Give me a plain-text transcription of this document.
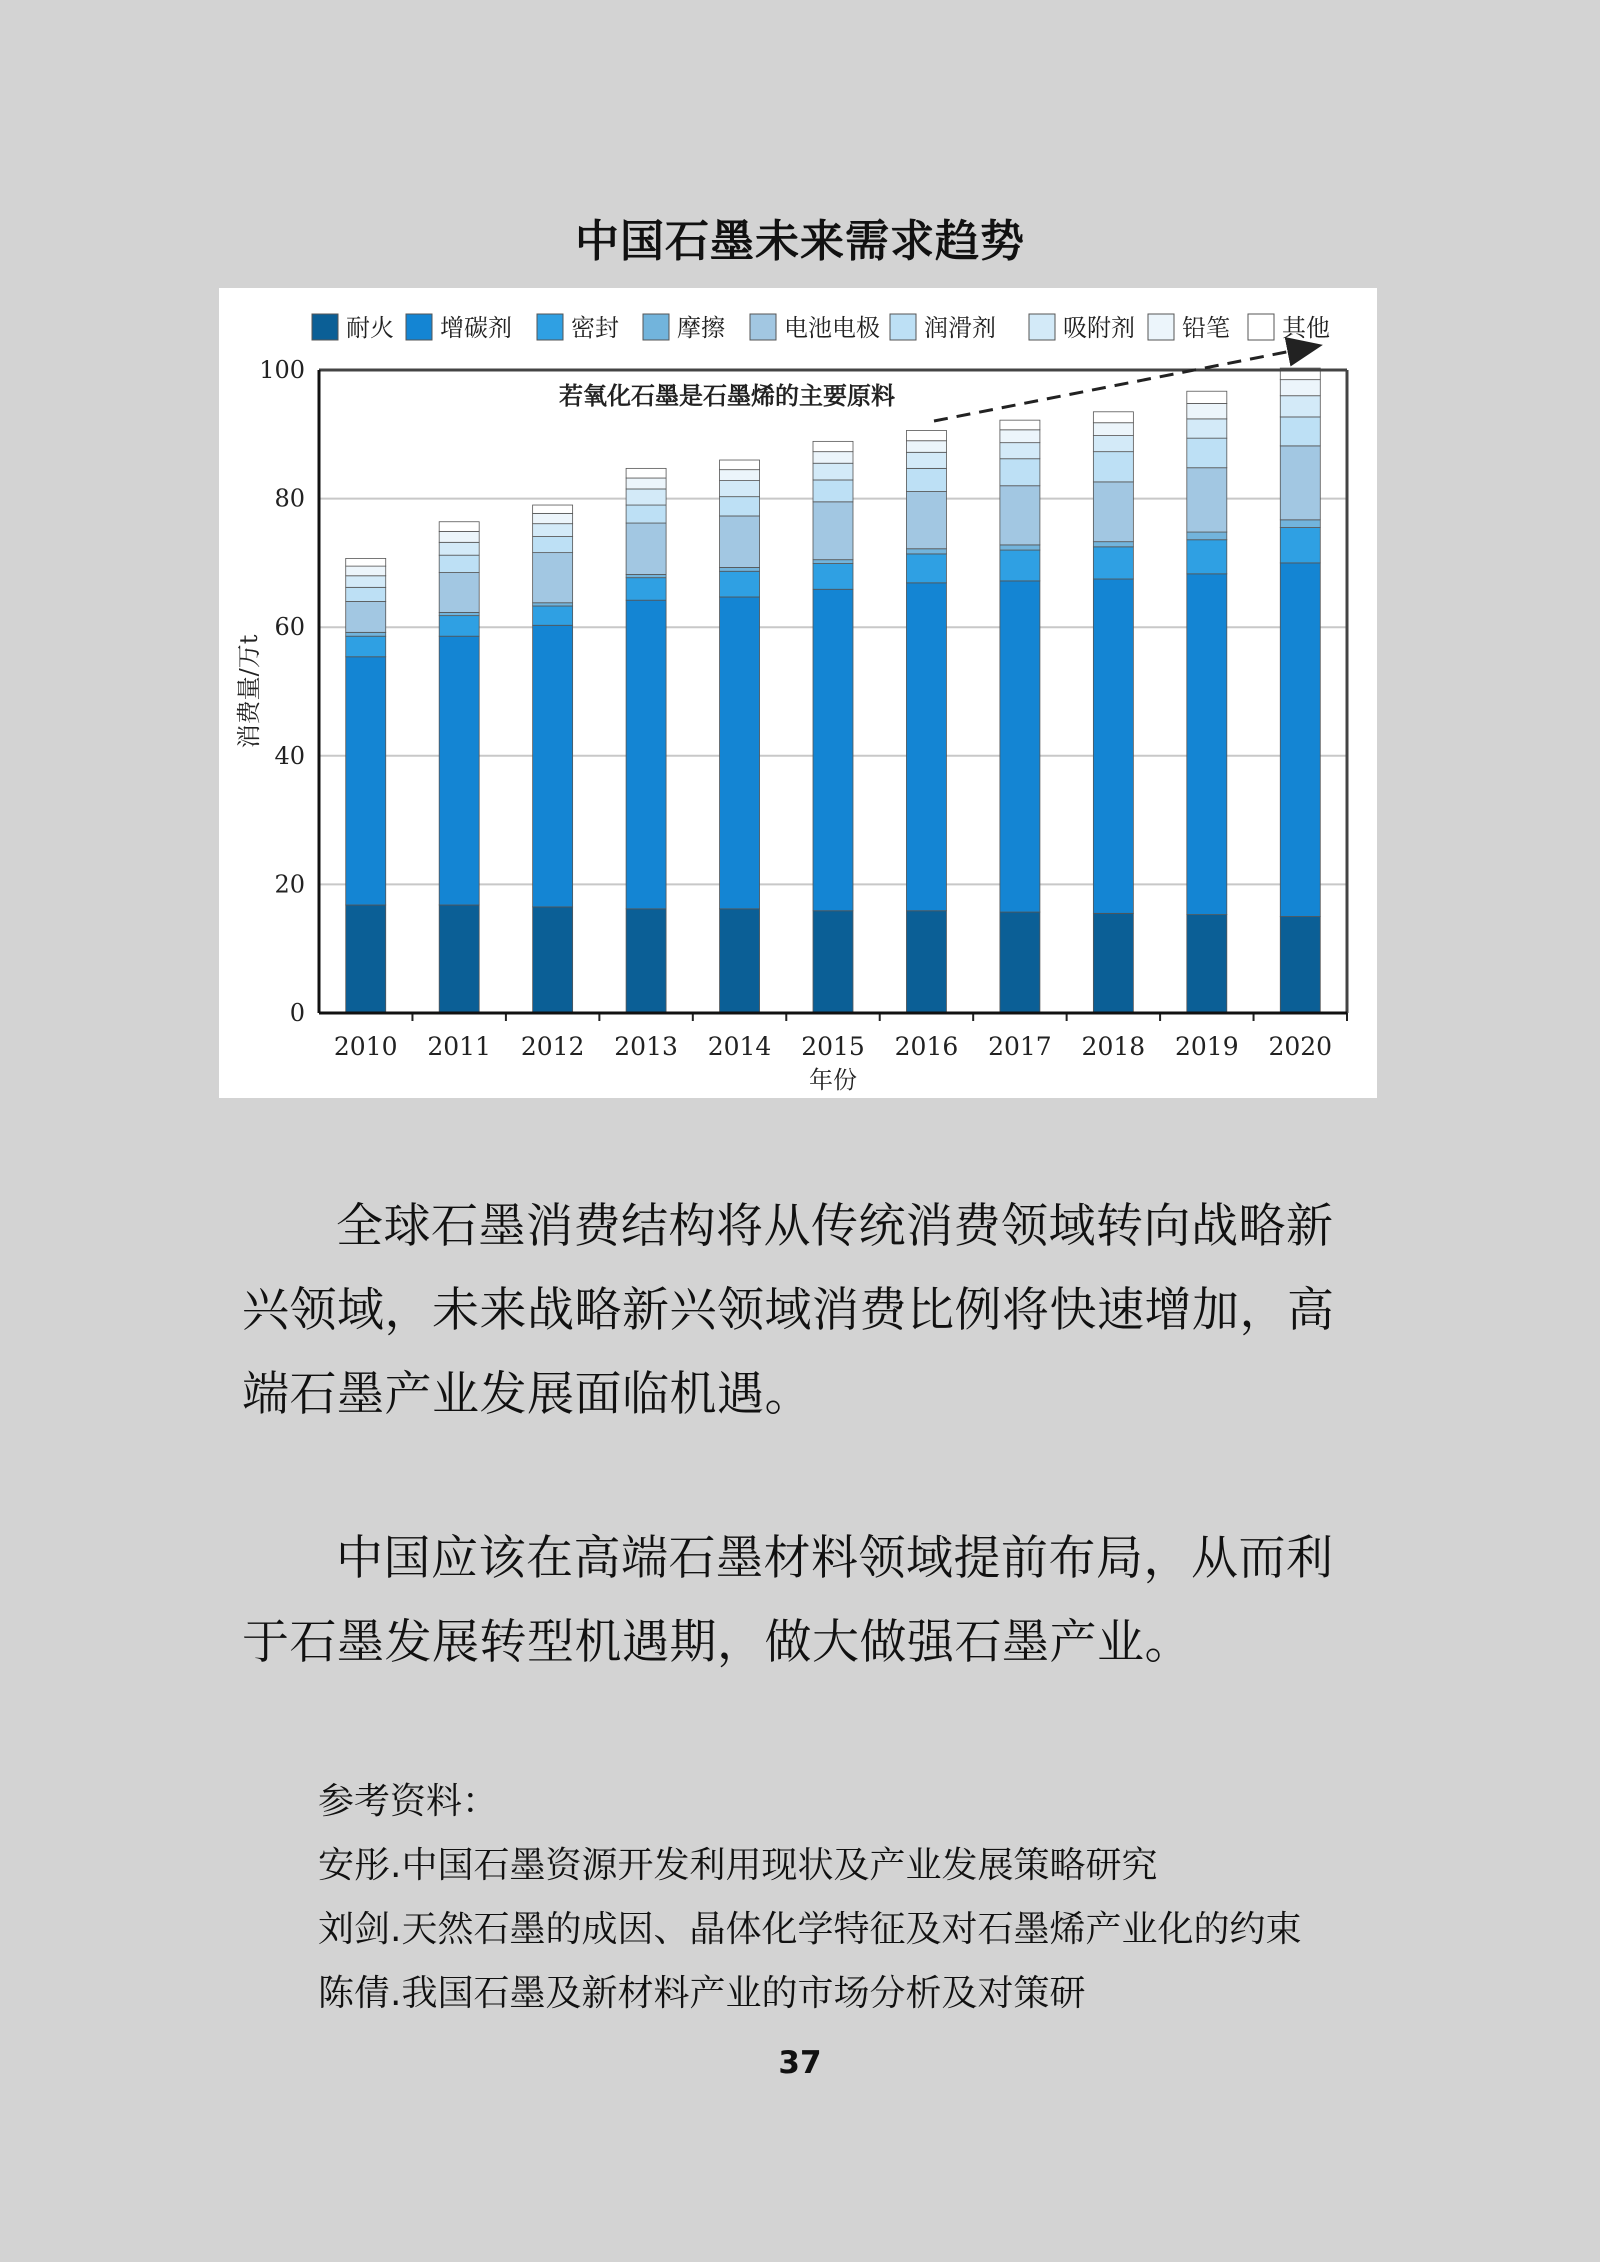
中国石墨未来需求趋势
0
20
40
60
80
100
2010 2011 2012 2013 2014 2015 2016 2017 2018 2019 2020
年份
消费量/万t
耐火 增碳剂 密封 摩擦 电池电极 润滑剂	吸附剂 铅笔 其他
若氧化石墨是石墨烯的主要原料

全球石墨消费结构将从传统消费领域转向战略新兴领域，未来战略新兴领域消费比例将快速增加，高端石墨产业发展面临机遇。

中国应该在高端石墨材料领域提前布局，从而利于石墨发展转型机遇期，做大做强石墨产业。

参考资料：
安彤.中国石墨资源开发利用现状及产业发展策略研究
刘剑.天然石墨的成因、晶体化学特征及对石墨烯产业化的约束
陈倩.我国石墨及新材料产业的市场分析及对策研
37
